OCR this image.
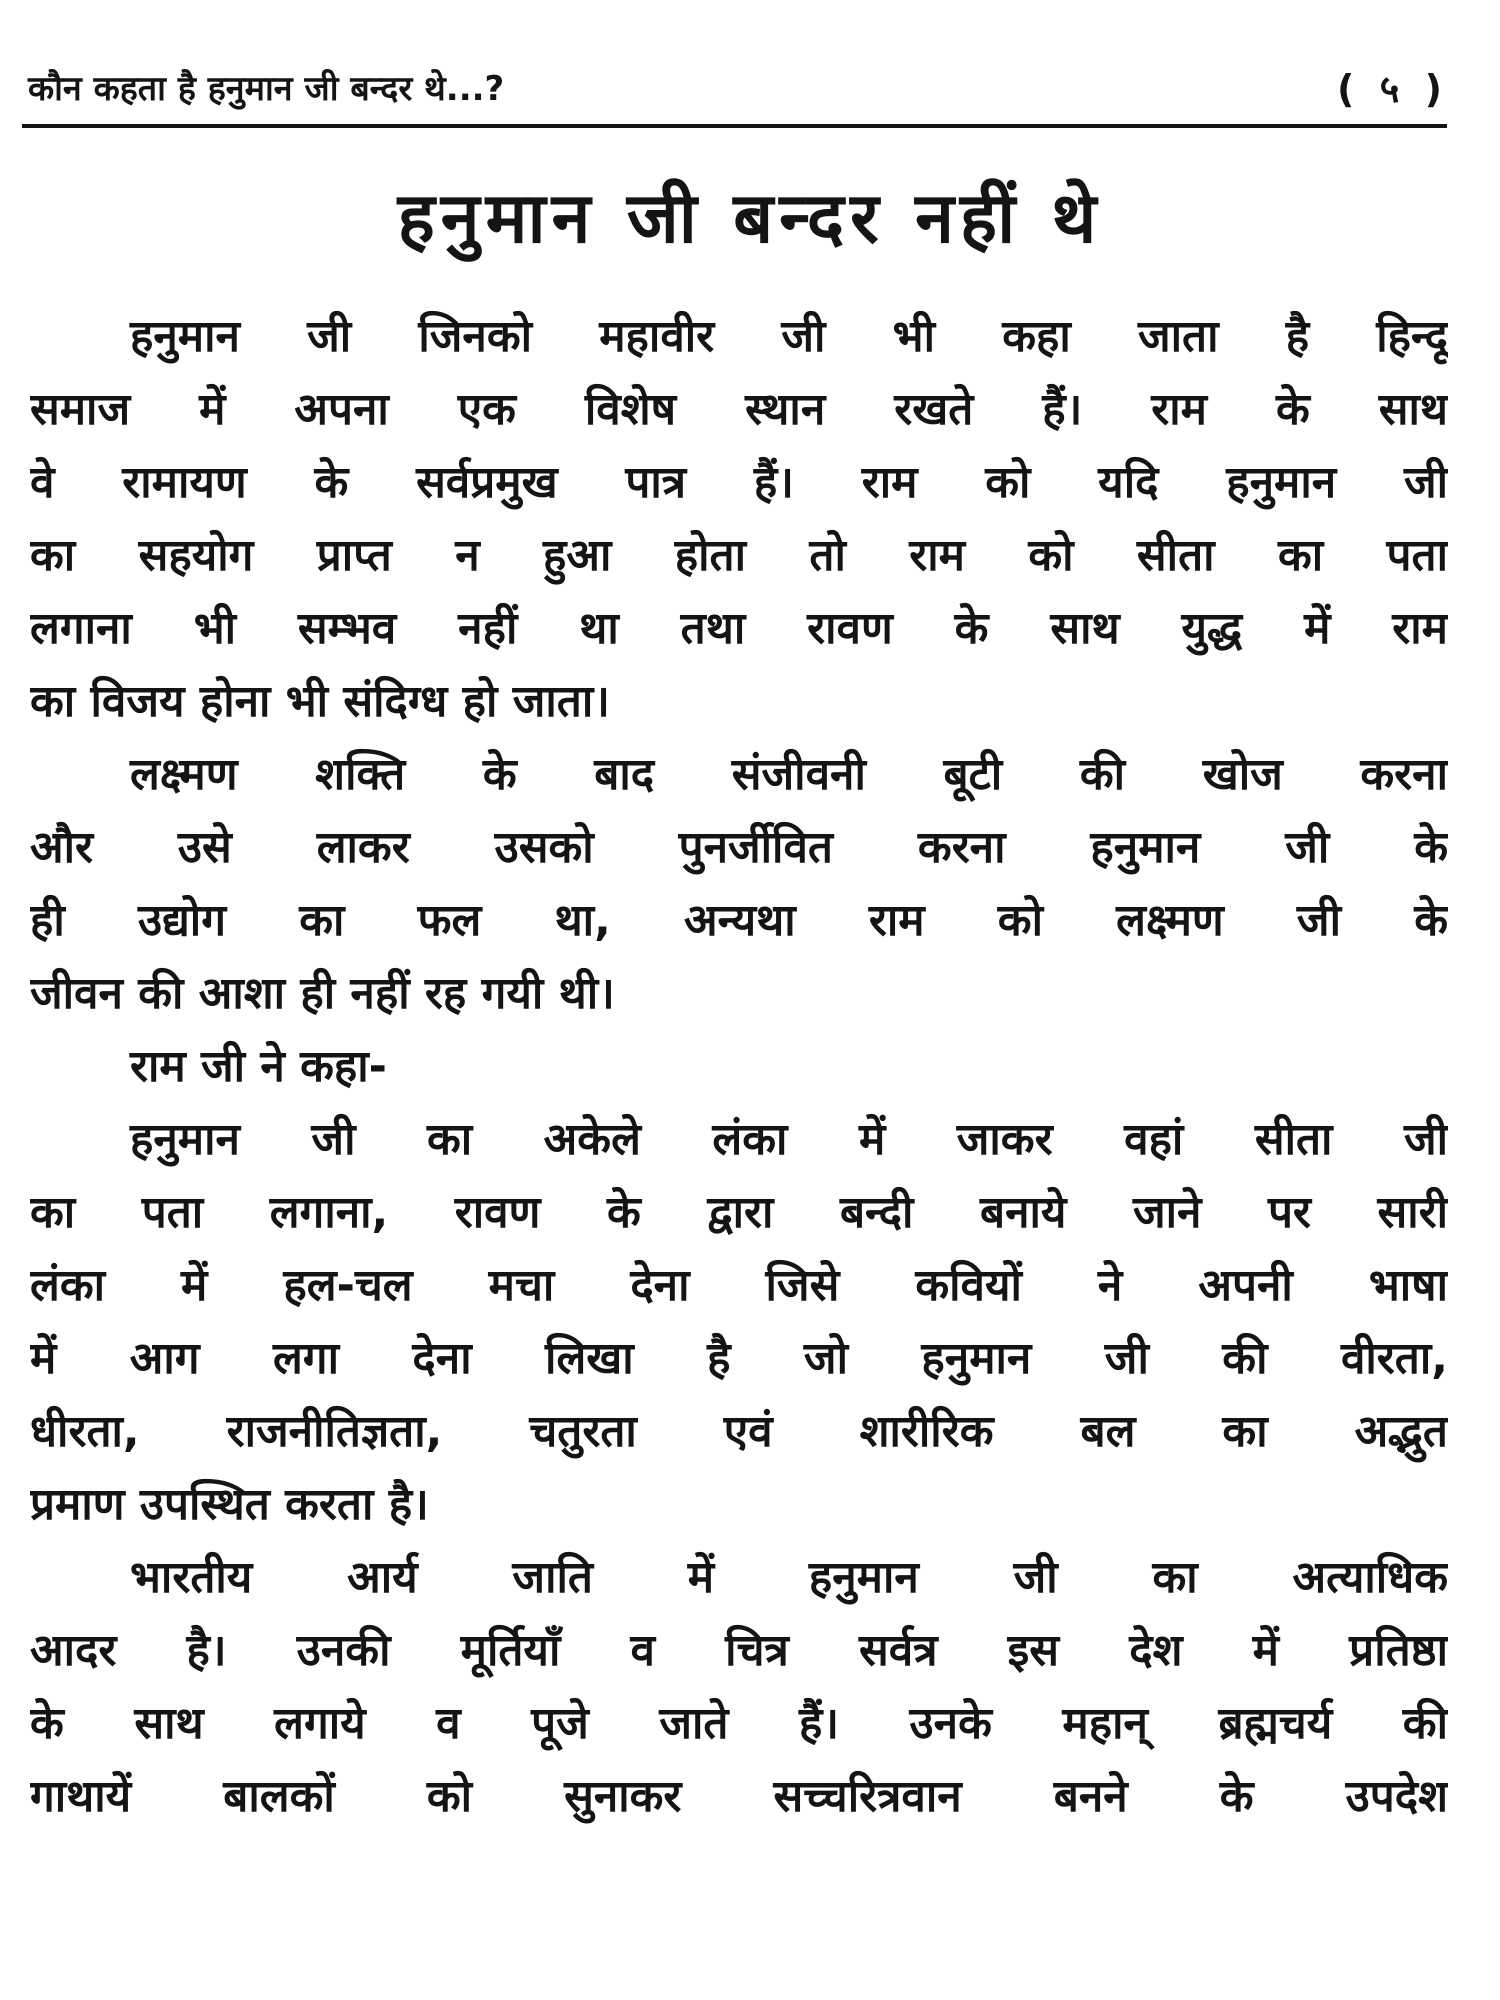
कौन कहता है हनुमान जी बन्दर थे...?	( ५ )
हनुमान जी बन्दर नहीं थे
हनुमान जी जिनको महावीर जी भी कहा जाता है हिन्दू
समाज में अपना एक विशेष स्थान रखते हैं। राम के साथ
वे रामायण के सर्वप्रमुख पात्र हैं। राम को यदि हनुमान जी
का सहयोग प्राप्त न हुआ होता तो राम को सीता का पता
लगाना भी सम्भव नहीं था तथा रावण के साथ युद्ध में राम
का विजय होना भी संदिग्ध हो जाता।
लक्ष्मण शक्ति के बाद संजीवनी बूटी की खोज करना
और उसे लाकर उसको पुनर्जीवित करना हनुमान जी के
ही उद्योग का फल था, अन्यथा राम को लक्ष्मण जी के
जीवन की आशा ही नहीं रह गयी थी।
राम जी ने कहा-
हनुमान जी का अकेले लंका में जाकर वहां सीता जी
का पता लगाना, रावण के द्वारा बन्दी बनाये जाने पर सारी
लंका में हल-चल मचा देना जिसे कवियों ने अपनी भाषा
में आग लगा देना लिखा है जो हनुमान जी की वीरता,
धीरता, राजनीतिज्ञता, चतुरता एवं शारीरिक बल का अद्भुत
प्रमाण उपस्थित करता है।
भारतीय आर्य जाति में हनुमान जी का अत्याधिक
आदर है। उनकी मूर्तियाँ व चित्र सर्वत्र इस देश में प्रतिष्ठा
के साथ लगाये व पूजे जाते हैं। उनके महान् ब्रह्मचर्य की
गाथायें बालकों को सुनाकर सच्चरित्रवान बनने के उपदेश
